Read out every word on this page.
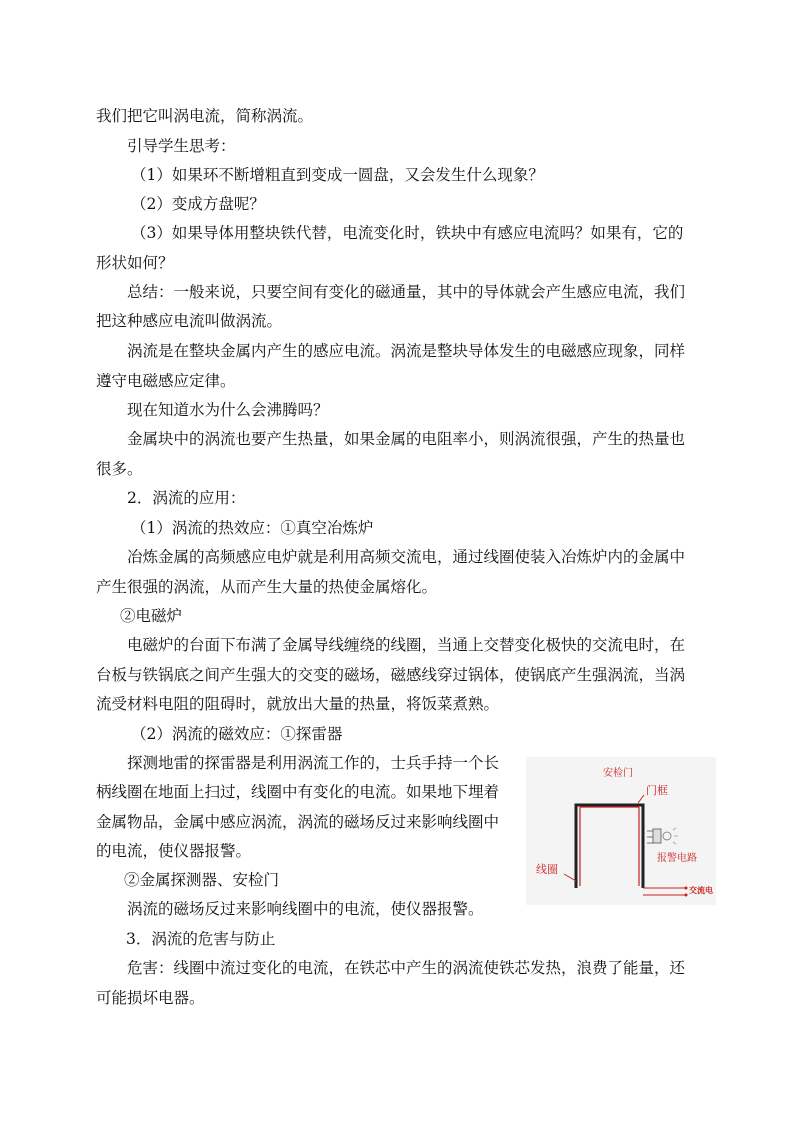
我们把它叫涡电流，简称涡流。
引导学生思考：
（1）如果环不断增粗直到变成一圆盘，又会发生什么现象？
（2）变成方盘呢？
（3）如果导体用整块铁代替，电流变化时，铁块中有感应电流吗？如果有，它的
形状如何？
总结：一般来说，只要空间有变化的磁通量，其中的导体就会产生感应电流，我们
把这种感应电流叫做涡流。
涡流是在整块金属内产生的感应电流。涡流是整块导体发生的电磁感应现象，同样
遵守电磁感应定律。
现在知道水为什么会沸腾吗？
金属块中的涡流也要产生热量，如果金属的电阻率小，则涡流很强，产生的热量也
很多。
2．涡流的应用：
（1）涡流的热效应：①真空冶炼炉
冶炼金属的高频感应电炉就是利用高频交流电，通过线圈使装入冶炼炉内的金属中
产生很强的涡流，从而产生大量的热使金属熔化。
②电磁炉
电磁炉的台面下布满了金属导线缠绕的线圈，当通上交替变化极快的交流电时，在
台板与铁锅底之间产生强大的交变的磁场，磁感线穿过锅体，使锅底产生强涡流，当涡
流受材料电阻的阻碍时，就放出大量的热量，将饭菜煮熟。
（2）涡流的磁效应：①探雷器
探测地雷的探雷器是利用涡流工作的，士兵手持一个长
柄线圈在地面上扫过，线圈中有变化的电流。如果地下埋着
金属物品，金属中感应涡流，涡流的磁场反过来影响线圈中
的电流，使仪器报警。
②金属探测器、安检门
涡流的磁场反过来影响线圈中的电流，使仪器报警。
3．涡流的危害与防止
危害：线圈中流过变化的电流，在铁芯中产生的涡流使铁芯发热，浪费了能量，还
可能损坏电器。
安检门
门框
线圈
报警电路
交流电
